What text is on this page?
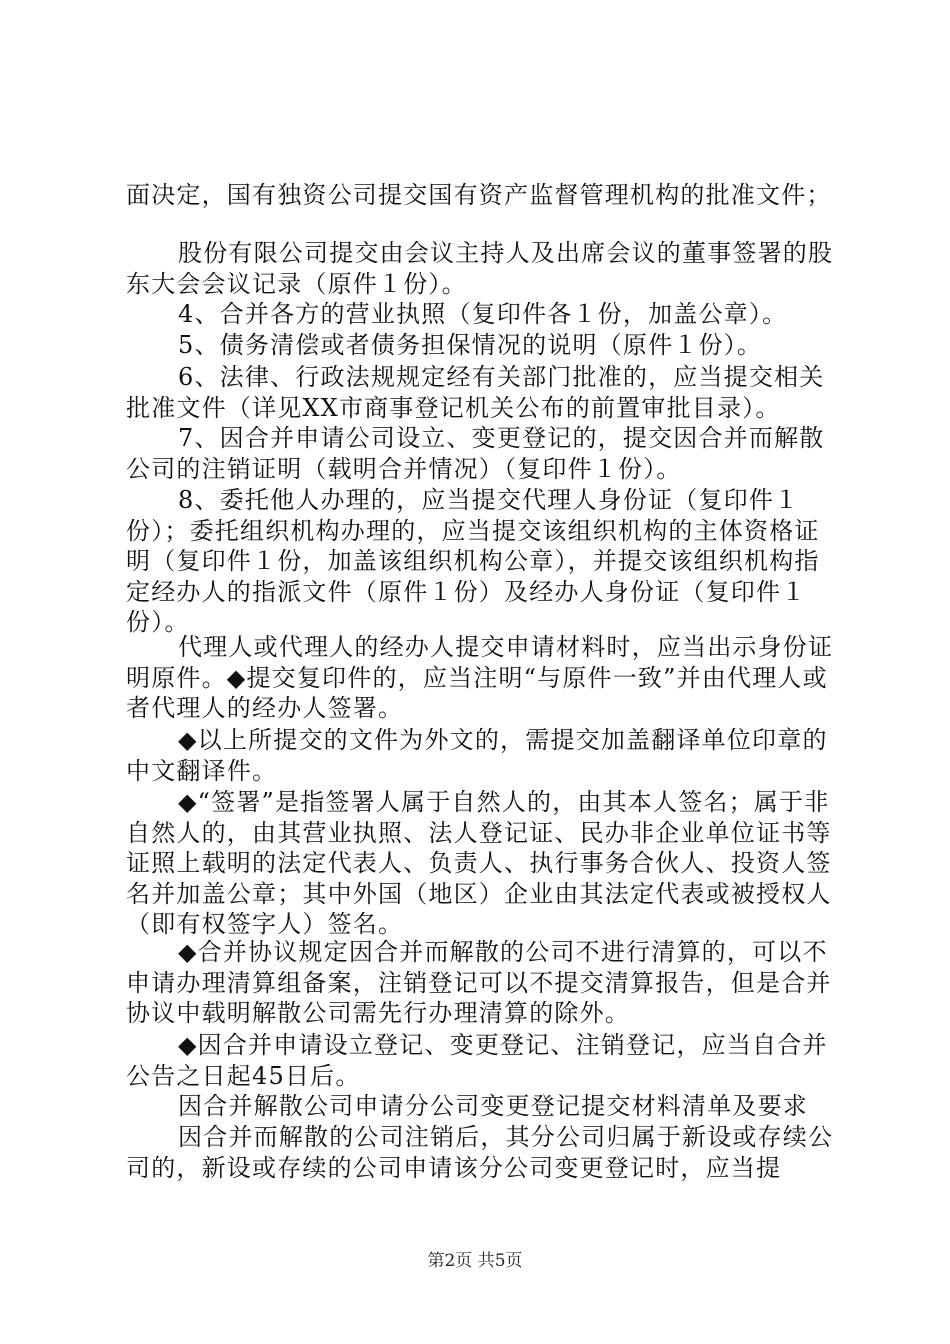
面决定，国有独资公司提交国有资产监督管理机构的批准文件；

股份有限公司提交由会议主持人及出席会议的董事签署的股东大会会议记录（原件１份）。

4、合并各方的营业执照（复印件各１份，加盖公章）。

5、债务清偿或者债务担保情况的说明（原件１份）。

6、法律、行政法规规定经有关部门批准的，应当提交相关批准文件（详见XX市商事登记机关公布的前置审批目录）。

7、因合并申请公司设立、变更登记的，提交因合并而解散公司的注销证明（载明合并情况）（复印件１份）。

8、委托他人办理的，应当提交代理人身份证（复印件１份）；委托组织机构办理的，应当提交该组织机构的主体资格证明（复印件１份，加盖该组织机构公章），并提交该组织机构指定经办人的指派文件（原件１份）及经办人身份证（复印件１份）。

代理人或代理人的经办人提交申请材料时，应当出示身份证明原件。◆提交复印件的，应当注明“与原件一致”并由代理人或者代理人的经办人签署。

◆以上所提交的文件为外文的，需提交加盖翻译单位印章的中文翻译件。

◆“签署”是指签署人属于自然人的，由其本人签名；属于非自然人的，由其营业执照、法人登记证、民办非企业单位证书等证照上载明的法定代表人、负责人、执行事务合伙人、投资人签名并加盖公章；其中外国（地区）企业由其法定代表或被授权人（即有权签字人）签名。

◆合并协议规定因合并而解散的公司不进行清算的，可以不申请办理清算组备案，注销登记可以不提交清算报告，但是合并协议中载明解散公司需先行办理清算的除外。

◆因合并申请设立登记、变更登记、注销登记，应当自合并公告之日起45日后。

因合并解散公司申请分公司变更登记提交材料清单及要求

因合并而解散的公司注销后，其分公司归属于新设或存续公司的，新设或存续的公司申请该分公司变更登记时，应当提

第2页 共5页
